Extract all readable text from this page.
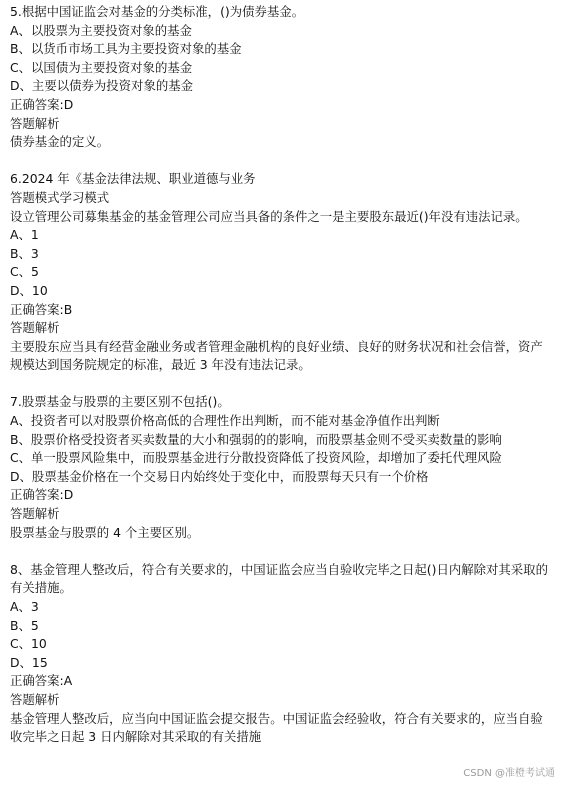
5.根据中国证监会对基金的分类标准，()为债券基金。
A、以股票为主要投资对象的基金
B、以货币市场工具为主要投资对象的基金
C、以国债为主要投资对象的基金
D、主要以债券为投资对象的基金
正确答案:D
答题解析
债券基金的定义。
6.2024 年《基金法律法规、职业道德与业务
答题模式学习模式
设立管理公司募集基金的基金管理公司应当具备的条件之一是主要股东最近()年没有违法记录。
A、1
B、3
C、5
D、10
正确答案:B
答题解析
主要股东应当具有经营金融业务或者管理金融机构的良好业绩、良好的财务状况和社会信誉，资产规模达到国务院规定的标准，最近 3 年没有违法记录。
7.股票基金与股票的主要区别不包括()。
A、投资者可以对股票价格高低的合理性作出判断，而不能对基金净值作出判断
B、股票价格受投资者买卖数量的大小和强弱的的影响，而股票基金则不受买卖数量的影响
C、单一股票风险集中，而股票基金进行分散投资降低了投资风险，却增加了委托代理风险
D、股票基金价格在一个交易日内始终处于变化中，而股票每天只有一个价格
正确答案:D
答题解析
股票基金与股票的 4 个主要区别。
8、基金管理人整改后，符合有关要求的，中国证监会应当自验收完毕之日起()日内解除对其采取的有关措施。
A、3
B、5
C、10
D、15
正确答案:A
答题解析
基金管理人整改后，应当向中国证监会提交报告。中国证监会经验收，符合有关要求的，应当自验收完毕之日起 3 日内解除对其采取的有关措施
CSDN @准橙考试通
